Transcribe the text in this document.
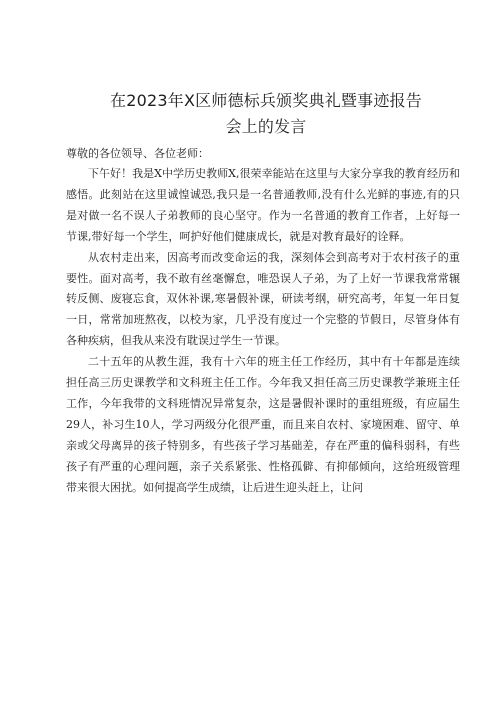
在2023年X区师德标兵颁奖典礼暨事迹报告
会上的发言

尊敬的各位领导、各位老师：

下午好！我是X中学历史教师X,很荣幸能站在这里与大家分享我的教育经历和感悟。此刻站在这里诚惶诚恐,我只是一名普通教师,没有什么光鲜的事迹,有的只是对做一名不误人子弟教师的良心坚守。作为一名普通的教育工作者，上好每一节课,带好每一个学生，呵护好他们健康成长，就是对教育最好的诠释。

从农村走出来，因高考而改变命运的我，深刻体会到高考对于农村孩子的重要性。面对高考，我不敢有丝毫懈怠，唯恐误人子弟，为了上好一节课我常常辗转反侧、废寝忘食，双休补课,寒暑假补课，研读考纲，研究高考，年复一年日复一日，常常加班熬夜，以校为家，几乎没有度过一个完整的节假日，尽管身体有各种疾病，但我从来没有耽误过学生一节课。

二十五年的从教生涯，我有十六年的班主任工作经历，其中有十年都是连续担任高三历史课教学和文科班主任工作。今年我又担任高三历史课教学兼班主任工作，今年我带的文科班情况异常复杂，这是暑假补课时的重组班级，有应届生29人，补习生10人，学习两级分化很严重，而且来自农村、家境困难、留守、单亲或父母离异的孩子特别多，有些孩子学习基础差，存在严重的偏科弱科，有些孩子有严重的心理问题，亲子关系紧张、性格孤僻、有抑郁倾向，这给班级管理带来很大困扰。如何提高学生成绩，让后进生迎头赶上，让问
